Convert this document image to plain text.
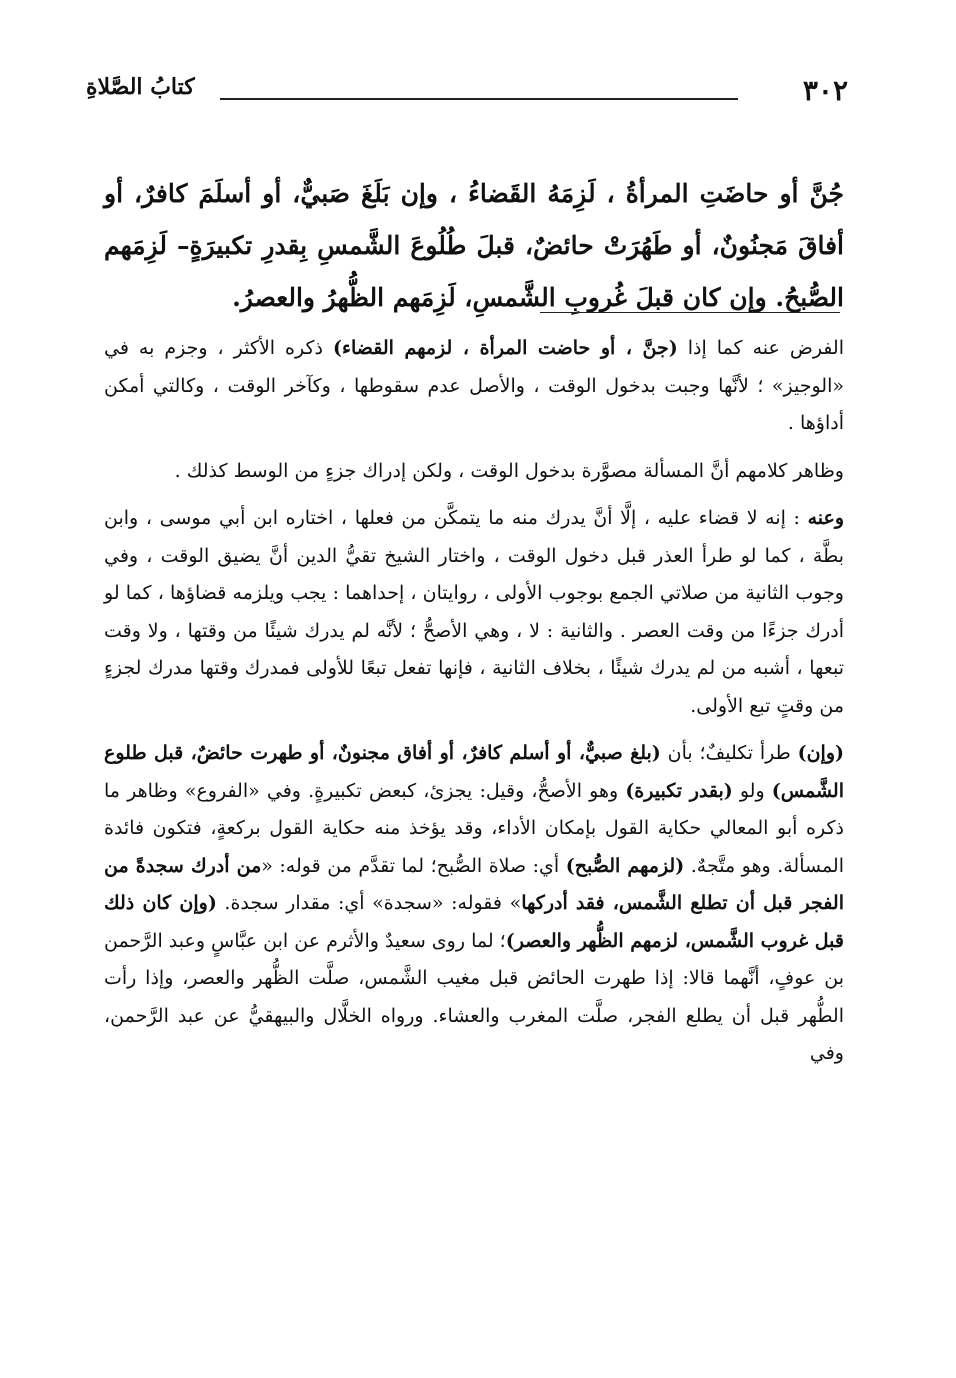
٣٠٢
كتابُ الصَّلاةِ
جُنَّ أو حاضَتِ المرأةُ ، لَزِمَهُ القَضاءُ ، وإن بَلَغَ صَبيٌّ، أو أسلَمَ كافرٌ، أو أفاقَ مَجنُونٌ، أو طَهُرَتْ حائضٌ، قبلَ طُلُوعَ الشَّمسِ بِقدرِ تكبيرَةٍ– لَزِمَهم الصُّبحُ. وإن كان قبلَ غُروبِ الشَّمسِ، لَزِمَهم الظُّهرُ والعصرُ.

الفرض عنه كما إذا (جنَّ ، أو حاضت المرأة ، لزمهم القضاء) ذكره الأكثر ، وجزم به في «الوجيز» ؛ لأنَّها وجبت بدخول الوقت ، والأصل عدم سقوطها ، وكآخر الوقت ، وكالتي أمكن أداؤها .

وظاهر كلامهم أنَّ المسألة مصوَّرة بدخول الوقت ، ولكن إدراك جزءٍ من الوسط كذلك .

وعنه : إنه لا قضاء عليه ، إلَّا أنَّ يدرك منه ما يتمكَّن من فعلها ، اختاره ابن أبي موسى ، وابن بطَّة ، كما لو طرأ العذر قبل دخول الوقت ، واختار الشيخ تقيُّ الدين أنَّ يضيق الوقت ، وفي وجوب الثانية من صلاتي الجمع بوجوب الأولى ، روايتان ، إحداهما : يجب ويلزمه قضاؤها ، كما لو أدرك جزءًا من وقت العصر . والثانية : لا ، وهي الأصحُّ ؛ لأنَّه لم يدرك شيئًا من وقتها ، ولا وقت تبعها ، أشبه من لم يدرك شيئًا ، بخلاف الثانية ، فإنها تفعل تبعًا للأولى فمدرك وقتها مدرك لجزءٍ من وقتٍ تبع الأولى.

(وإن) طرأ تكليفٌ؛ بأن (بلغ صبيٌّ، أو أسلم كافرٌ، أو أفاق مجنونٌ، أو طهرت حائضٌ، قبل طلوع الشَّمس) ولو (بقدر تكبيرة) وهو الأصحُّ، وقيل: يجزئ، كبعض تكبيرةٍ. وفي «الفروع» وظاهر ما ذكره أبو المعالي حكاية القول بإمكان الأداء، وقد يؤخذ منه حكاية القول بركعةٍ، فتكون فائدة المسألة. وهو متَّجهٌ. (لزمهم الصُّبح) أي: صلاة الصُّبح؛ لما تقدَّم من قوله: «من أدرك سجدةً من الفجر قبل أن تطلع الشَّمس، فقد أدركها» فقوله: «سجدة» أي: مقدار سجدة. (وإن كان ذلك قبل غروب الشَّمس، لزمهم الظُّهر والعصر)؛ لما روى سعيدٌ والأثرم عن ابن عبَّاسٍ وعبد الرَّحمن بن عوفٍ، أنَّهما قالا: إذا طهرت الحائض قبل مغيب الشَّمس، صلَّت الظُّهر والعصر، وإذا رأت الطُّهر قبل أن يطلع الفجر، صلَّت المغرب والعشاء. ورواه الخلَّال والبيهقيُّ عن عبد الرَّحمن، وفي
